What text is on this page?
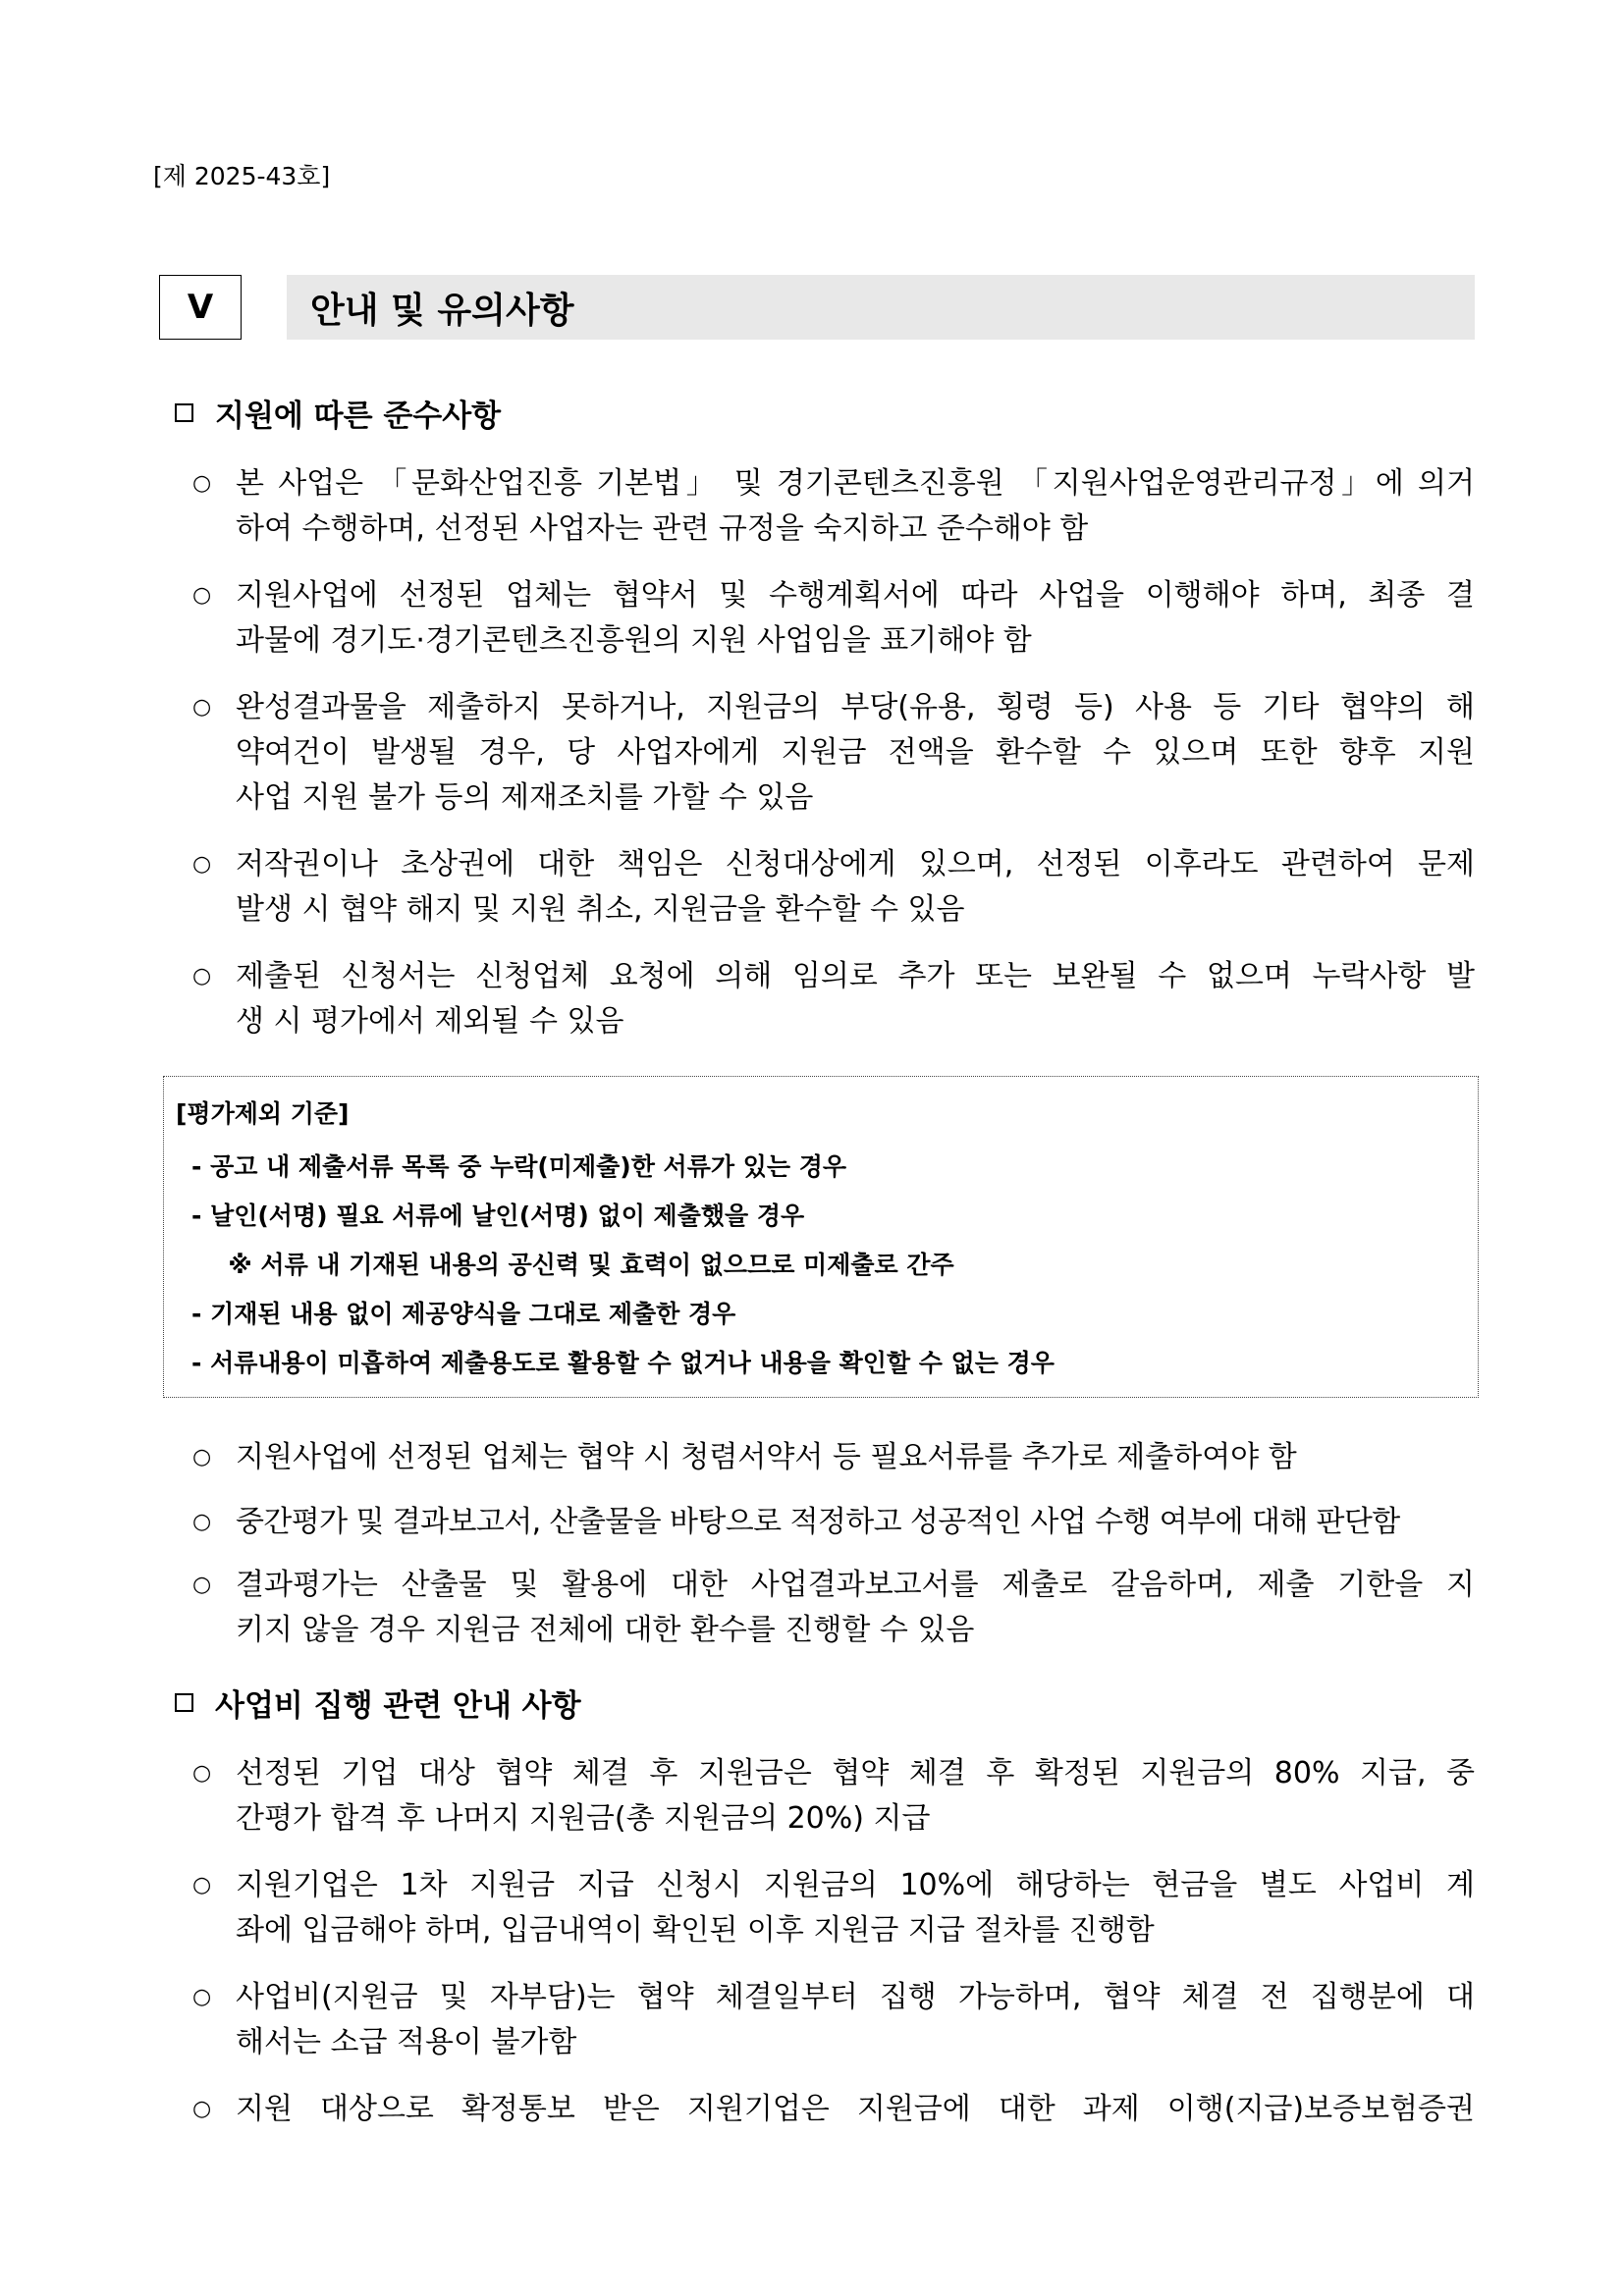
[제 2025-43호]
Ⅴ	안내 및 유의사항
지원에 따른 준수사항
○ 본 사업은 「문화산업진흥 기본법」 및 경기콘텐츠진흥원 「지원사업운영관리규정」에 의거
하여 수행하며, 선정된 사업자는 관련 규정을 숙지하고 준수해야 함
○ 지원사업에 선정된 업체는 협약서 및 수행계획서에 따라 사업을 이행해야 하며, 최종 결
과물에 경기도·경기콘텐츠진흥원의 지원 사업임을 표기해야 함
○ 완성결과물을 제출하지 못하거나, 지원금의 부당(유용, 횡령 등) 사용 등 기타 협약의 해
약여건이 발생될 경우, 당 사업자에게 지원금 전액을 환수할 수 있으며 또한 향후 지원
사업 지원 불가 등의 제재조치를 가할 수 있음
○ 저작권이나 초상권에 대한 책임은 신청대상에게 있으며, 선정된 이후라도 관련하여 문제
발생 시 협약 해지 및 지원 취소, 지원금을 환수할 수 있음
○ 제출된 신청서는 신청업체 요청에 의해 임의로 추가 또는 보완될 수 없으며 누락사항 발
생 시 평가에서 제외될 수 있음
[평가제외 기준]
- 공고 내 제출서류 목록 중 누락(미제출)한 서류가 있는 경우
- 날인(서명) 필요 서류에 날인(서명) 없이 제출했을 경우
※ 서류 내 기재된 내용의 공신력 및 효력이 없으므로 미제출로 간주
- 기재된 내용 없이 제공양식을 그대로 제출한 경우
- 서류내용이 미흡하여 제출용도로 활용할 수 없거나 내용을 확인할 수 없는 경우
○ 지원사업에 선정된 업체는 협약 시 청렴서약서 등 필요서류를 추가로 제출하여야 함
○ 중간평가 및 결과보고서, 산출물을 바탕으로 적정하고 성공적인 사업 수행 여부에 대해 판단함
○ 결과평가는 산출물 및 활용에 대한 사업결과보고서를 제출로 갈음하며, 제출 기한을 지
키지 않을 경우 지원금 전체에 대한 환수를 진행할 수 있음
사업비 집행 관련 안내 사항
○ 선정된 기업 대상 협약 체결 후 지원금은 협약 체결 후 확정된 지원금의 80% 지급, 중
간평가 합격 후 나머지 지원금(총 지원금의 20%) 지급
○ 지원기업은 1차 지원금 지급 신청시 지원금의 10%에 해당하는 현금을 별도 사업비 계
좌에 입금해야 하며, 입금내역이 확인된 이후 지원금 지급 절차를 진행함
○ 사업비(지원금 및 자부담)는 협약 체결일부터 집행 가능하며, 협약 체결 전 집행분에 대
해서는 소급 적용이 불가함
○ 지원 대상으로 확정통보 받은 지원기업은 지원금에 대한 과제 이행(지급)보증보험증권
